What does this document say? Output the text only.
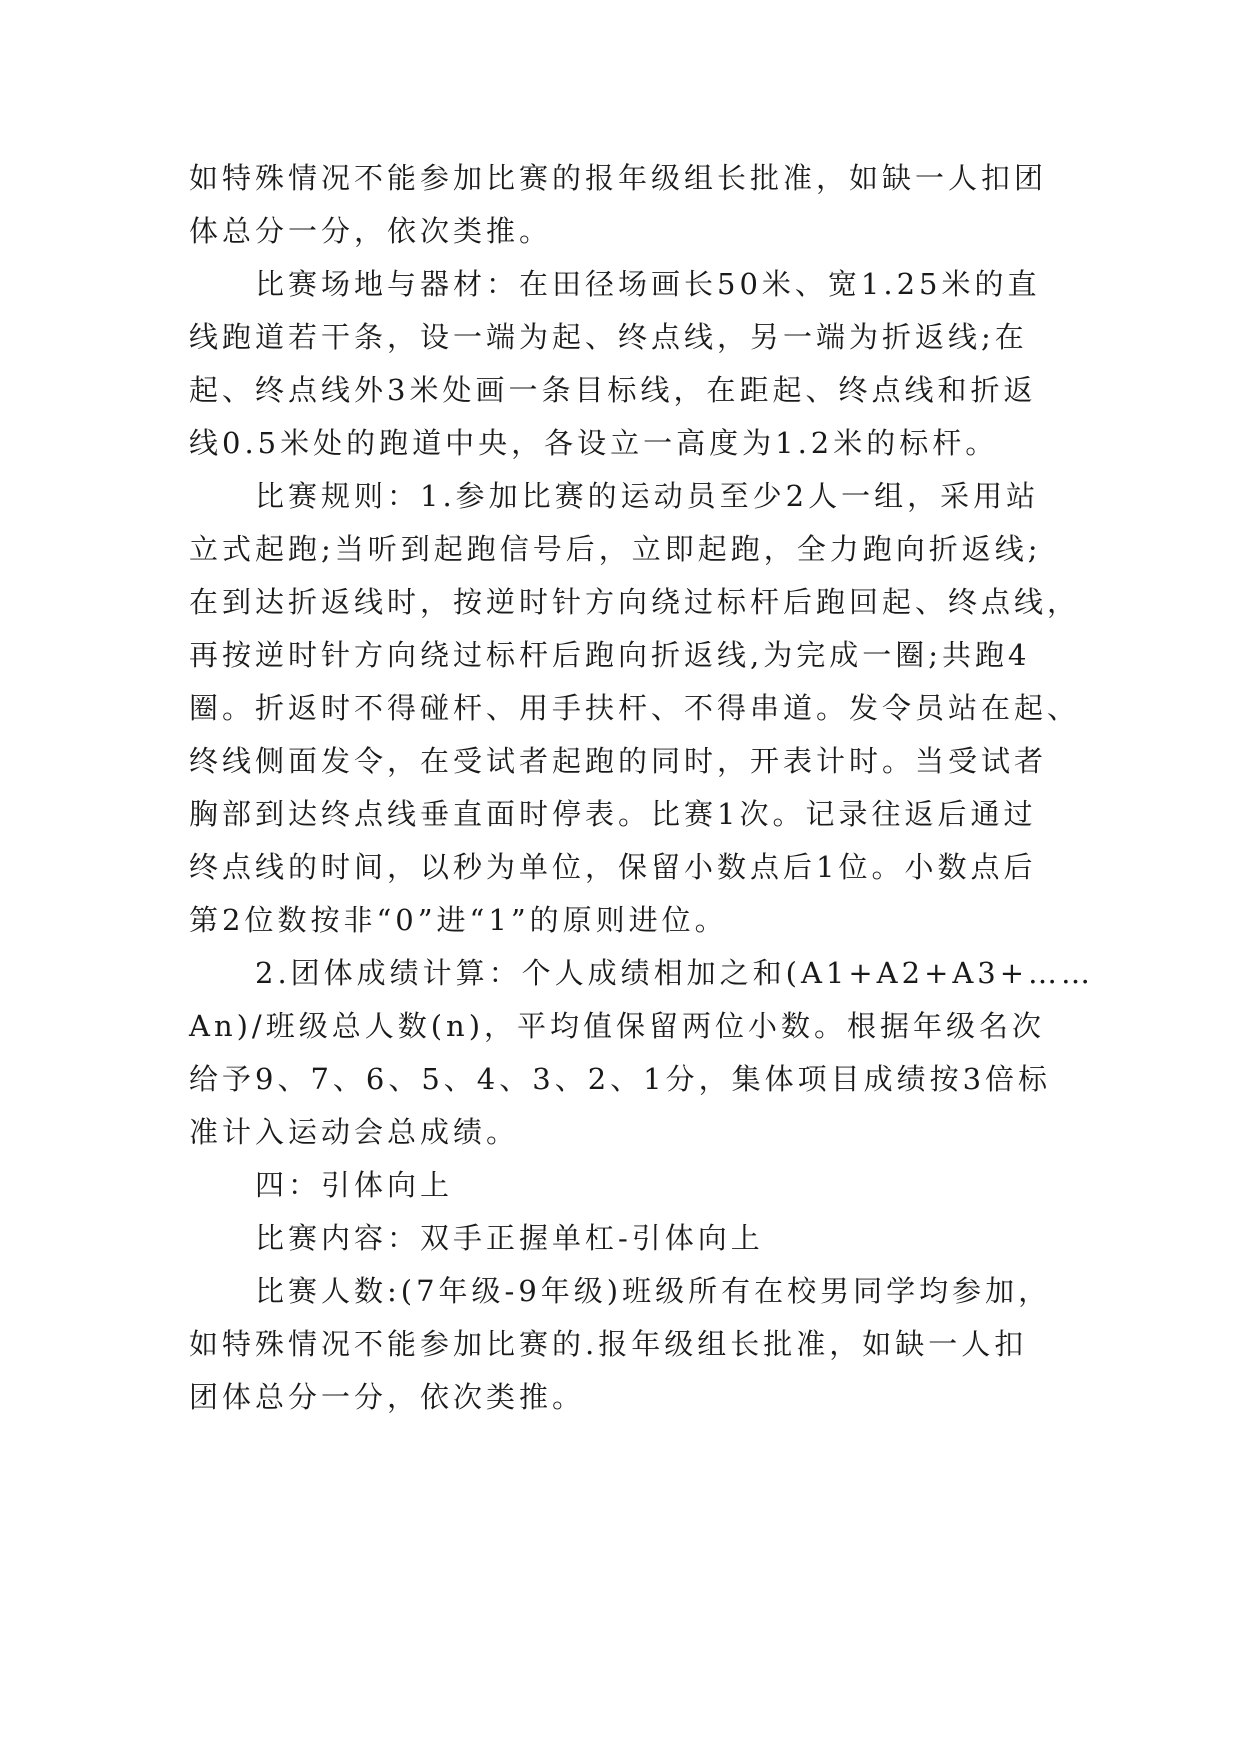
如特殊情况不能参加比赛的报年级组长批准，如缺一人扣团
体总分一分，依次类推。
　　比赛场地与器材：在田径场画长50米、宽1.25米的直
线跑道若干条，设一端为起、终点线，另一端为折返线;在
起、终点线外3米处画一条目标线，在距起、终点线和折返
线0.5米处的跑道中央，各设立一高度为1.2米的标杆。
　　比赛规则：1.参加比赛的运动员至少2人一组，采用站
立式起跑;当听到起跑信号后，立即起跑，全力跑向折返线;
在到达折返线时，按逆时针方向绕过标杆后跑回起、终点线，
再按逆时针方向绕过标杆后跑向折返线,为完成一圈;共跑4
圈。折返时不得碰杆、用手扶杆、不得串道。发令员站在起、
终线侧面发令，在受试者起跑的同时，开表计时。当受试者
胸部到达终点线垂直面时停表。比赛1次。记录往返后通过
终点线的时间，以秒为单位，保留小数点后1位。小数点后
第2位数按非“0”进“1”的原则进位。
　　2.团体成绩计算：个人成绩相加之和(A1+A2+A3+……
An)/班级总人数(n)，平均值保留两位小数。根据年级名次
给予9、7、6、5、4、3、2、1分，集体项目成绩按3倍标
准计入运动会总成绩。
　　四：引体向上
　　比赛内容：双手正握单杠-引体向上
　　比赛人数:(7年级-9年级)班级所有在校男同学均参加，
如特殊情况不能参加比赛的.报年级组长批准，如缺一人扣
团体总分一分，依次类推。
